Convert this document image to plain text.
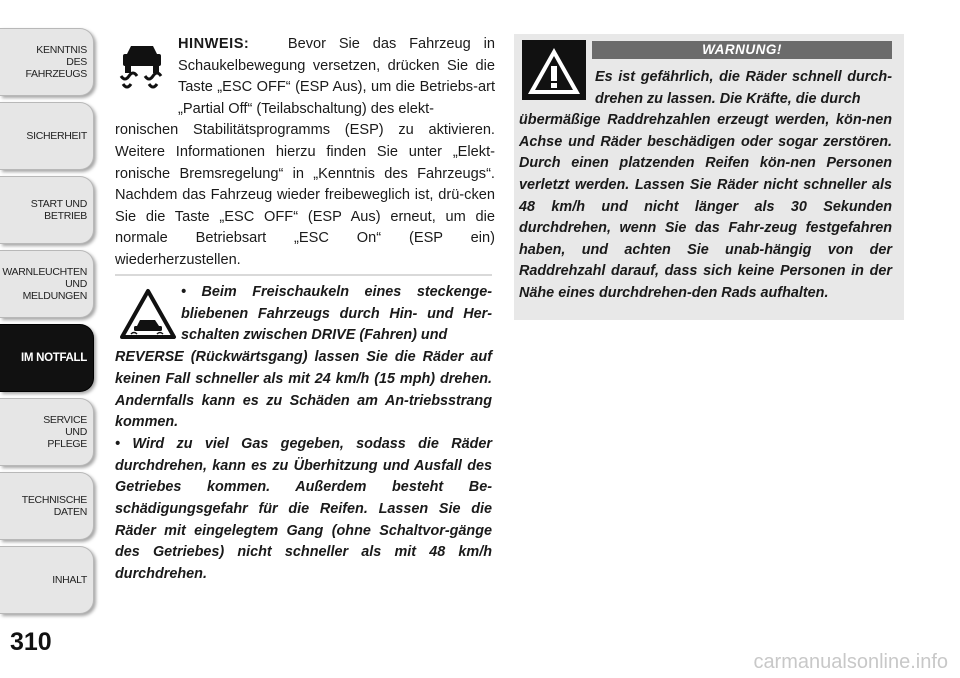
KENNTNIS
DES
FAHRZEUGS
SICHERHEIT
START UND
BETRIEB
WARNLEUCHTEN
UND
MELDUNGEN
IM NOTFALL
SERVICE
UND
PFLEGE
TECHNISCHE
DATEN
INHALT
310

HINWEIS:	Bevor Sie das Fahrzeug in Schaukelbewegung versetzen, drücken Sie die Taste „ESC OFF“ (ESP Aus), um die Betriebs-art „Partial Off“ (Teilabschaltung) des elekt-

ronischen Stabilitätsprogramms (ESP) zu aktivieren. Weitere Informationen hierzu finden Sie unter „Elekt-ronische Bremsregelung“ in „Kenntnis des Fahrzeugs“. Nachdem das Fahrzeug wieder freibeweglich ist, drü-cken Sie die Taste „ESC OFF“ (ESP Aus) erneut, um die normale Betriebsart „ESC On“ (ESP ein) wiederherzustellen.

• Beim Freischaukeln eines steckenge-bliebenen Fahrzeugs durch Hin- und Her-schalten zwischen DRIVE (Fahren) und

REVERSE (Rückwärtsgang) lassen Sie die Räder auf keinen Fall schneller als mit 24 km/h (15 mph) drehen. Andernfalls kann es zu Schäden am An-triebsstrang kommen.

• Wird zu viel Gas gegeben, sodass die Räder durchdrehen, kann es zu Überhitzung und Ausfall des Getriebes kommen. Außerdem besteht Be-schädigungsgefahr für die Reifen. Lassen Sie die Räder mit eingelegtem Gang (ohne Schaltvor-gänge des Getriebes) nicht schneller als mit 48 km/h durchdrehen.

WARNUNG!
Es ist gefährlich, die Räder schnell durch-drehen zu lassen. Die Kräfte, die durch
übermäßige Raddrehzahlen erzeugt werden, kön-nen Achse und Räder beschädigen oder sogar zerstören. Durch einen platzenden Reifen kön-nen Personen verletzt werden. Lassen Sie Räder nicht schneller als 48 km/h und nicht länger als 30 Sekunden durchdrehen, wenn Sie das Fahr-zeug festgefahren haben, und achten Sie unab-hängig von der Raddrehzahl darauf, dass sich keine Personen in der Nähe eines durchdrehen-den Rads aufhalten.
carmanualsonline.info
